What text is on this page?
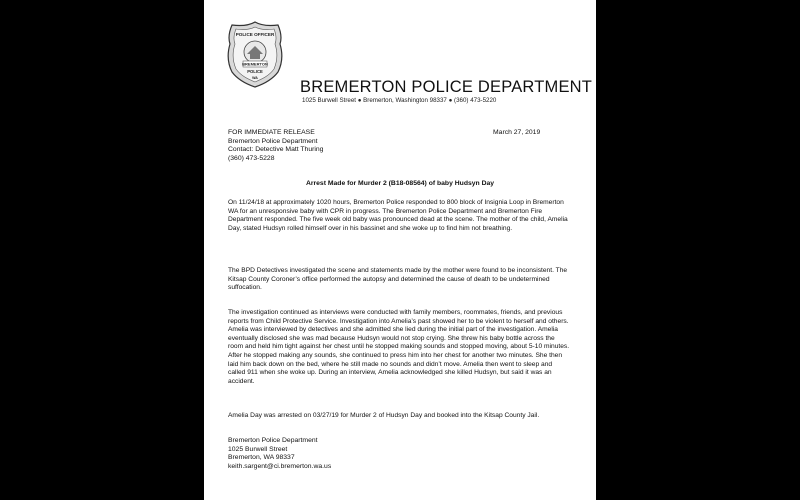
POLICE OFFICER
BREMERTON
POLICE
WA	BREMERTON POLICE DEPARTMENT
1025 Burwell Street ● Bremerton, Washington 98337 ● (360) 473-5220
FOR IMMEDIATE RELEASE
Bremerton Police Department
Contact: Detective Matt Thuring
(360) 473-5228
March 27, 2019
Arrest Made for Murder 2 (B18-08564) of baby Hudsyn Day

On 11/24/18 at approximately 1020 hours, Bremerton Police responded to 800 block of Insignia Loop in Bremerton WA for an unresponsive baby with CPR in progress. The Bremerton Police Department and Bremerton Fire Department responded. The five week old baby was pronounced dead at the scene. The mother of the child, Amelia Day, stated Hudsyn rolled himself over in his bassinet and she woke up to find him not breathing.

The BPD Detectives investigated the scene and statements made by the mother were found to be inconsistent. The Kitsap County Coroner’s office performed the autopsy and determined the cause of death to be undetermined suffocation.

The investigation continued as interviews were conducted with family members, roommates, friends, and previous reports from Child Protective Service. Investigation into Amelia’s past showed her to be violent to herself and others. Amelia was interviewed by detectives and she admitted she lied during the initial part of the investigation. Amelia eventually disclosed she was mad because Hudsyn would not stop crying. She threw his baby bottle across the room and held him tight against her chest until he stopped making sounds and stopped moving, about 5-10 minutes. After he stopped making any sounds, she continued to press him into her chest for another two minutes. She then laid him back down on the bed, where he still made no sounds and didn’t move. Amelia then went to sleep and called 911 when she woke up. During an interview, Amelia acknowledged she killed Hudsyn, but said it was an accident.

Amelia Day was arrested on 03/27/19 for Murder 2 of Hudsyn Day and booked into the Kitsap County Jail.

Bremerton Police Department
1025 Burwell Street
Bremerton, WA 98337
keith.sargent@ci.bremerton.wa.us
